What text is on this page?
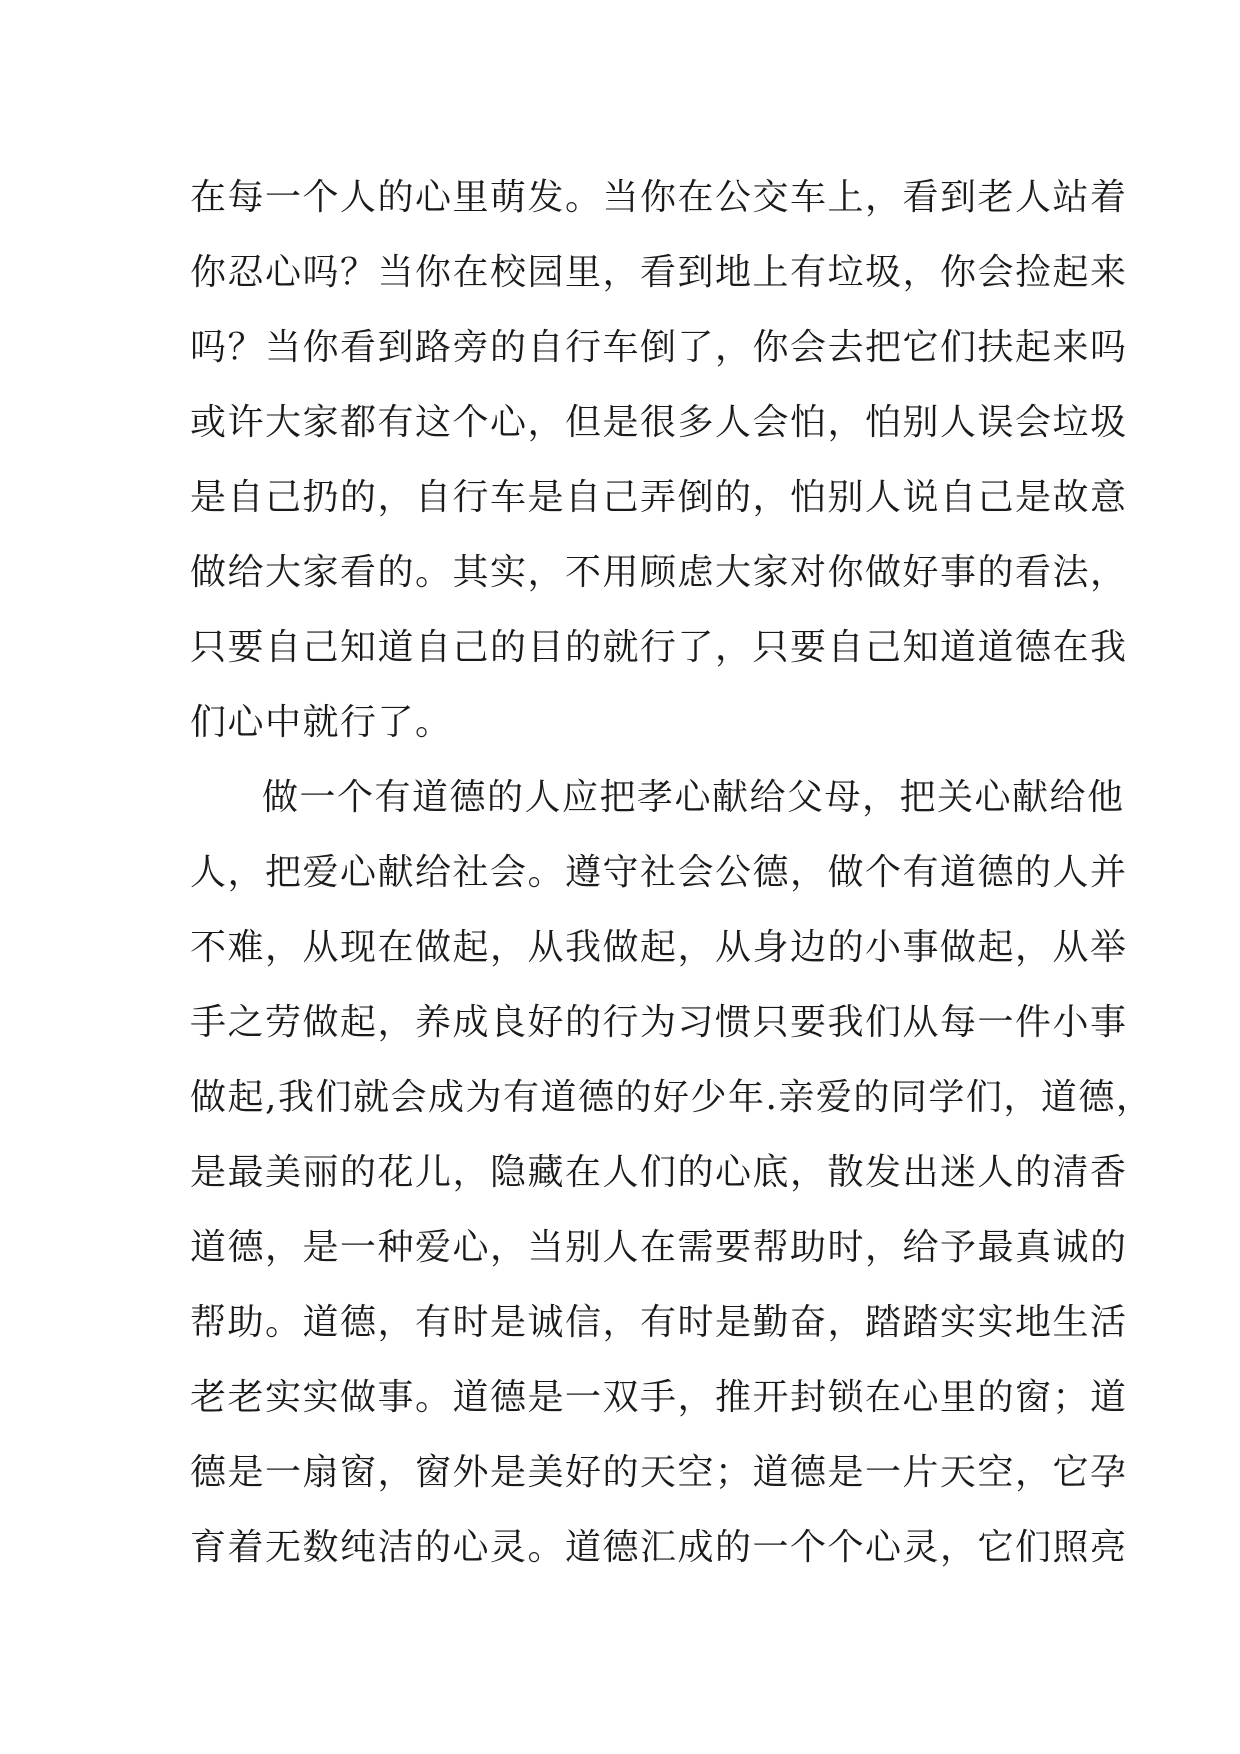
在每一个人的心里萌发。当你在公交车上，看到老人站着
你忍心吗？当你在校园里，看到地上有垃圾，你会捡起来
吗？当你看到路旁的自行车倒了，你会去把它们扶起来吗
或许大家都有这个心，但是很多人会怕，怕别人误会垃圾
是自己扔的，自行车是自己弄倒的，怕别人说自己是故意
做给大家看的。其实，不用顾虑大家对你做好事的看法，
只要自己知道自己的目的就行了，只要自己知道道德在我
们心中就行了。
做一个有道德的人应把孝心献给父母，把关心献给他
人，把爱心献给社会。遵守社会公德，做个有道德的人并
不难，从现在做起，从我做起，从身边的小事做起，从举
手之劳做起，养成良好的行为习惯只要我们从每一件小事
做起,我们就会成为有道德的好少年.亲爱的同学们，道德，
是最美丽的花儿，隐藏在人们的心底，散发出迷人的清香
道德，是一种爱心，当别人在需要帮助时，给予最真诚的
帮助。道德，有时是诚信，有时是勤奋，踏踏实实地生活
老老实实做事。道德是一双手，推开封锁在心里的窗；道
德是一扇窗，窗外是美好的天空；道德是一片天空，它孕
育着无数纯洁的心灵。道德汇成的一个个心灵，它们照亮
